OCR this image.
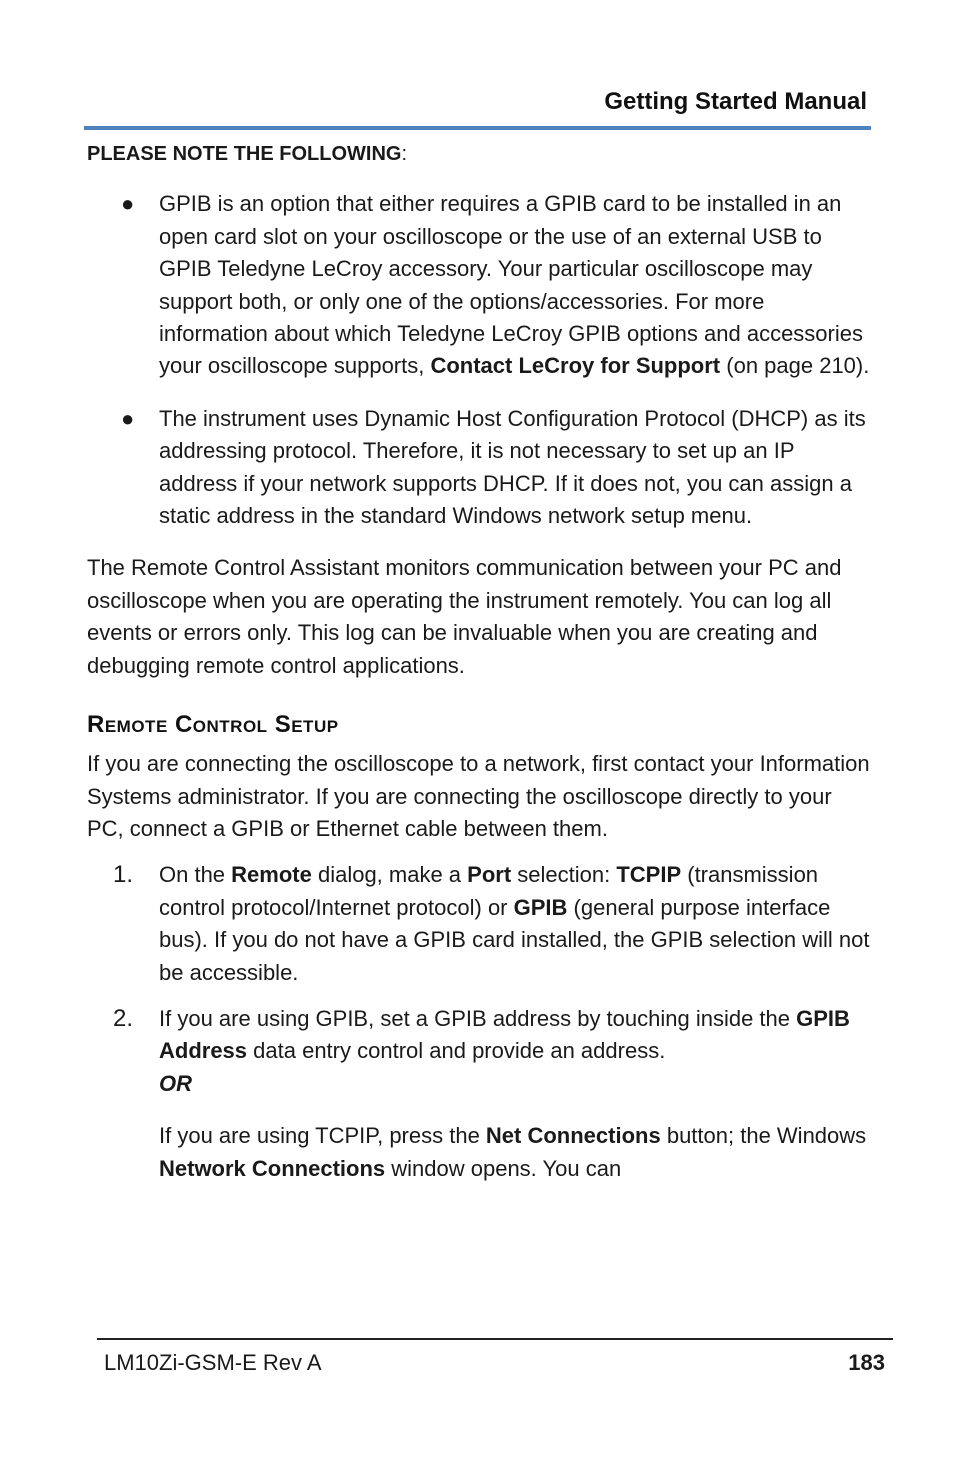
Getting Started Manual
PLEASE NOTE THE FOLLOWING:
● GPIB is an option that either requires a GPIB card to be installed in an open card slot on your oscilloscope or the use of an external USB to GPIB Teledyne LeCroy accessory. Your particular oscilloscope may support both, or only one of the options/accessories. For more information about which Teledyne LeCroy GPIB options and accessories your oscilloscope supports, Contact LeCroy for Support (on page 210).
● The instrument uses Dynamic Host Configuration Protocol (DHCP) as its addressing protocol. Therefore, it is not necessary to set up an IP address if your network supports DHCP. If it does not, you can assign a static address in the standard Windows network setup menu.

The Remote Control Assistant monitors communication between your PC and oscilloscope when you are operating the instrument remotely. You can log all events or errors only. This log can be invaluable when you are creating and debugging remote control applications.

Remote Control Setup

If you are connecting the oscilloscope to a network, first contact your Information Systems administrator. If you are connecting the oscilloscope directly to your PC, connect a GPIB or Ethernet cable between them.

1. On the Remote dialog, make a Port selection: TCPIP (transmission control protocol/Internet protocol) or GPIB (general purpose interface bus). If you do not have a GPIB card installed, the GPIB selection will not be accessible.
2. If you are using GPIB, set a GPIB address by touching inside the GPIB Address data entry control and provide an address.
OR
If you are using TCPIP, press the Net Connections button; the Windows Network Connections window opens. You can
LM10Zi-GSM-E Rev A	183
